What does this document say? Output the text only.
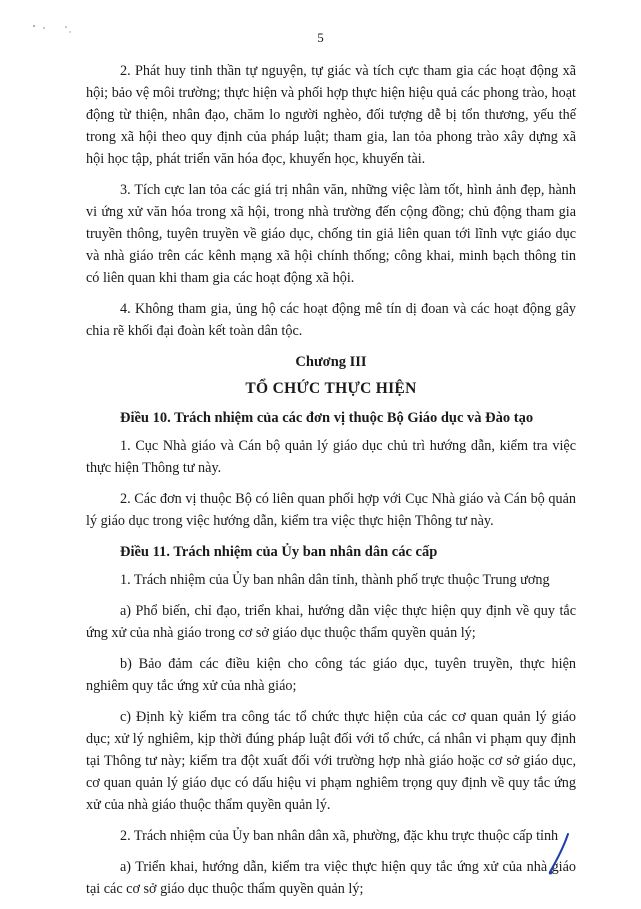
5

2. Phát huy tinh thần tự nguyện, tự giác và tích cực tham gia các hoạt động xã hội; bảo vệ môi trường; thực hiện và phối hợp thực hiện hiệu quả các phong trào, hoạt động từ thiện, nhân đạo, chăm lo người nghèo, đối tượng dễ bị tổn thương, yếu thế trong xã hội theo quy định của pháp luật; tham gia, lan tỏa phong trào xây dựng xã hội học tập, phát triển văn hóa đọc, khuyến học, khuyến tài.

3. Tích cực lan tỏa các giá trị nhân văn, những việc làm tốt, hình ảnh đẹp, hành vi ứng xử văn hóa trong xã hội, trong nhà trường đến cộng đồng; chủ động tham gia truyền thông, tuyên truyền về giáo dục, chống tin giả liên quan tới lĩnh vực giáo dục và nhà giáo trên các kênh mạng xã hội chính thống; công khai, minh bạch thông tin có liên quan khi tham gia các hoạt động xã hội.

4. Không tham gia, ủng hộ các hoạt động mê tín dị đoan và các hoạt động gây chia rẽ khối đại đoàn kết toàn dân tộc.

Chương III
TỔ CHỨC THỰC HIỆN
Điều 10. Trách nhiệm của các đơn vị thuộc Bộ Giáo dục và Đào tạo

1. Cục Nhà giáo và Cán bộ quản lý giáo dục chủ trì hướng dẫn, kiểm tra việc thực hiện Thông tư này.

2. Các đơn vị thuộc Bộ có liên quan phối hợp với Cục Nhà giáo và Cán bộ quản lý giáo dục trong việc hướng dẫn, kiểm tra việc thực hiện Thông tư này.

Điều 11. Trách nhiệm của Ủy ban nhân dân các cấp

1. Trách nhiệm của Ủy ban nhân dân tỉnh, thành phố trực thuộc Trung ương

a) Phổ biến, chỉ đạo, triển khai, hướng dẫn việc thực hiện quy định về quy tắc ứng xử của nhà giáo trong cơ sở giáo dục thuộc thẩm quyền quản lý;

b) Bảo đảm các điều kiện cho công tác giáo dục, tuyên truyền, thực hiện nghiêm quy tắc ứng xử của nhà giáo;

c) Định kỳ kiểm tra công tác tổ chức thực hiện của các cơ quan quản lý giáo dục; xử lý nghiêm, kịp thời đúng pháp luật đối với tổ chức, cá nhân vi phạm quy định tại Thông tư này; kiểm tra đột xuất đối với trường hợp nhà giáo hoặc cơ sở giáo dục, cơ quan quản lý giáo dục có dấu hiệu vi phạm nghiêm trọng quy định về quy tắc ứng xử của nhà giáo thuộc thẩm quyền quản lý.

2. Trách nhiệm của Ủy ban nhân dân xã, phường, đặc khu trực thuộc cấp tỉnh

a) Triển khai, hướng dẫn, kiểm tra việc thực hiện quy tắc ứng xử của nhà giáo tại các cơ sở giáo dục thuộc thẩm quyền quản lý;
